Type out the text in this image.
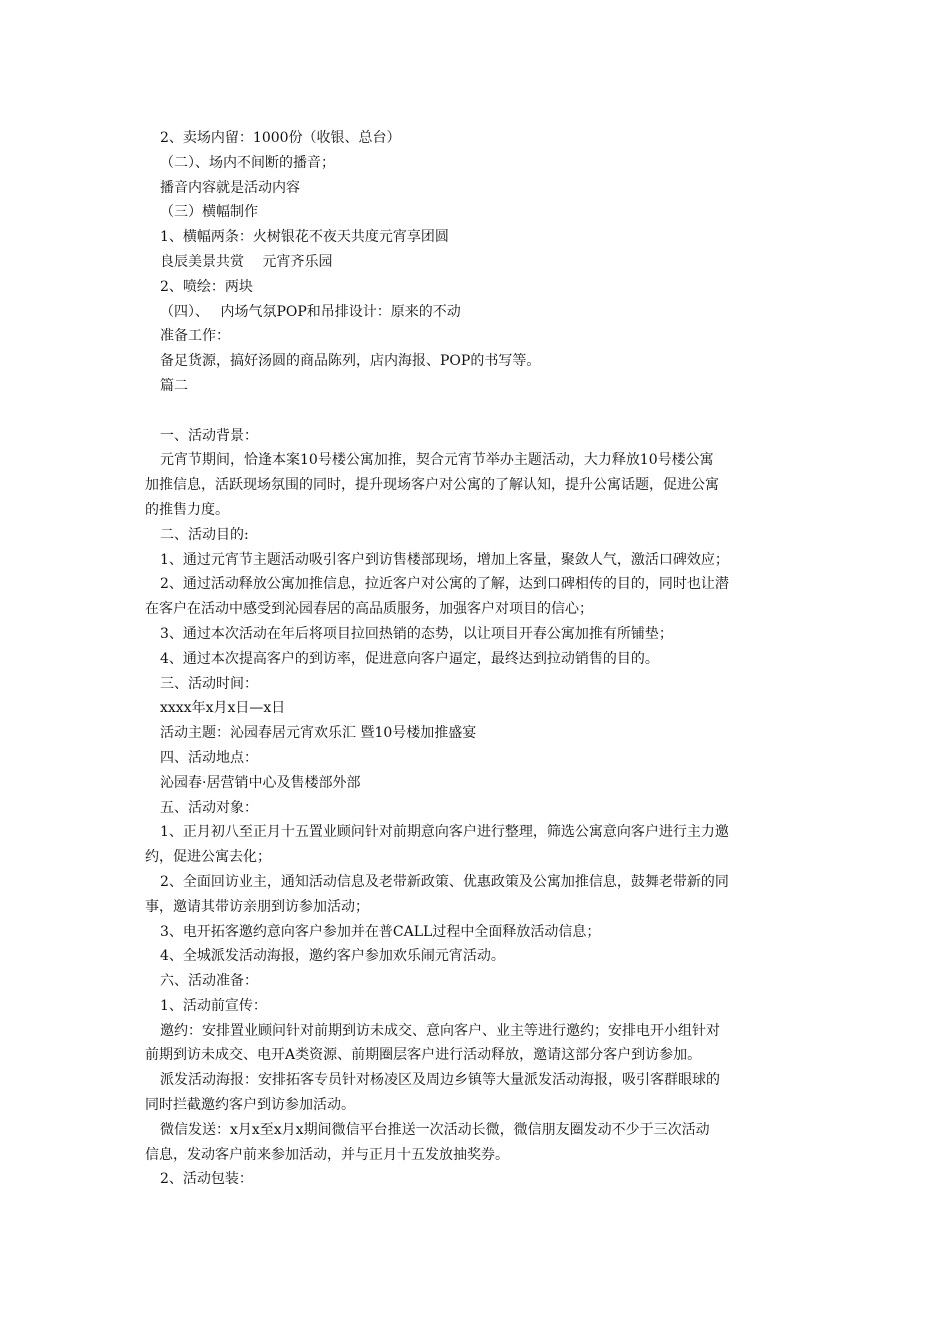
2、卖场内留：1000份（收银、总台）
（二）、场内不间断的播音；
播音内容就是活动内容
（三）横幅制作
1、横幅两条：火树银花不夜天共度元宵享团圆
良辰美景共赏　 元宵齐乐园
2、喷绘：两块
（四）、　 内场气氛POP和吊排设计：原来的不动
准备工作：
备足货源，搞好汤圆的商品陈列，店内海报、POP的书写等。
篇二
一、活动背景：
元宵节期间，恰逢本案10号楼公寓加推，契合元宵节举办主题活动，大力释放10号楼公寓
加推信息，活跃现场氛围的同时，提升现场客户对公寓的了解认知，提升公寓话题，促进公寓
的推售力度。
二、活动目的:
1、通过元宵节主题活动吸引客户到访售楼部现场，增加上客量，聚敛人气，激活口碑效应；
2、通过活动释放公寓加推信息，拉近客户对公寓的了解，达到口碑相传的目的，同时也让潜
在客户在活动中感受到沁园春居的高品质服务，加强客户对项目的信心；
3、通过本次活动在年后将项目拉回热销的态势，以让项目开春公寓加推有所铺垫；
4、通过本次提高客户的到访率，促进意向客户逼定，最终达到拉动销售的目的。
三、活动时间：
xxxx年x月x日—x日
活动主题：沁园春居元宵欢乐汇 暨10号楼加推盛宴
四、活动地点：
沁园春·居营销中心及售楼部外部
五、活动对象：
1、正月初八至正月十五置业顾问针对前期意向客户进行整理，筛选公寓意向客户进行主力邀
约，促进公寓去化；
2、全面回访业主，通知活动信息及老带新政策、优惠政策及公寓加推信息，鼓舞老带新的同
事，邀请其带访亲朋到访参加活动；
3、电开拓客邀约意向客户参加并在普CALL过程中全面释放活动信息；
4、全城派发活动海报，邀约客户参加欢乐闹元宵活动。
六、活动准备：
1、活动前宣传：
邀约：安排置业顾问针对前期到访未成交、意向客户、业主等进行邀约；安排电开小组针对
前期到访未成交、电开A类资源、前期圈层客户进行活动释放，邀请这部分客户到访参加。
派发活动海报：安排拓客专员针对杨凌区及周边乡镇等大量派发活动海报，吸引客群眼球的
同时拦截邀约客户到访参加活动。
微信发送：x月x至x月x期间微信平台推送一次活动长微，微信朋友圈发动不少于三次活动
信息，发动客户前来参加活动，并与正月十五发放抽奖券。
2、活动包装：
